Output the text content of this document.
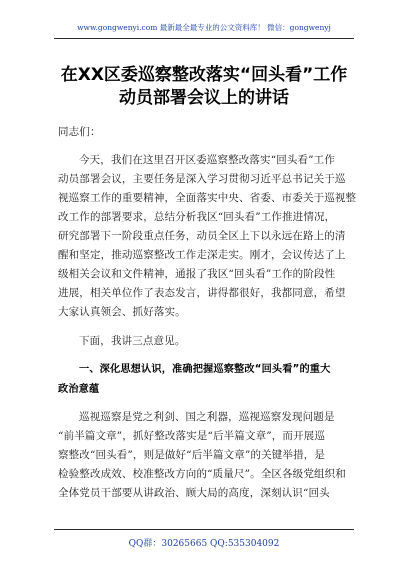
www.gongwenyi.com 最新最全最专业的公文资料库！ 微信：gongwenyj
在XX区委巡察整改落实“回头看”工作
动员部署会议上的讲话
同志们：
今天，我们在这里召开区委巡察整改落实“回头看”工作
动员部署会议，主要任务是深入学习贯彻习近平总书记关于巡
视巡察工作的重要精神，全面落实中央、省委、市委关于巡视整
改工作的部署要求，总结分析我区“回头看”工作推进情况，
研究部署下一阶段重点任务，动员全区上下以永远在路上的清
醒和坚定，推动巡察整改工作走深走实。刚才，会议传达了上
级相关会议和文件精神，通报了我区“回头看”工作的阶段性
进展，相关单位作了表态发言，讲得都很好，我都同意，希望
大家认真领会、抓好落实。
下面，我讲三点意见。
一、深化思想认识，准确把握巡察整改“回头看”的重大
政治意蕴
巡视巡察是党之利剑、国之利器，巡视巡察发现问题是
“前半篇文章”，抓好整改落实是“后半篇文章”，而开展巡
察整改“回头看”，则是做好“后半篇文章”的关键举措，是
检验整改成效、校准整改方向的“质量尺”。全区各级党组织和
全体党员干部要从讲政治、顾大局的高度，深刻认识“回头
QQ群：30265665 QQ:535304092
